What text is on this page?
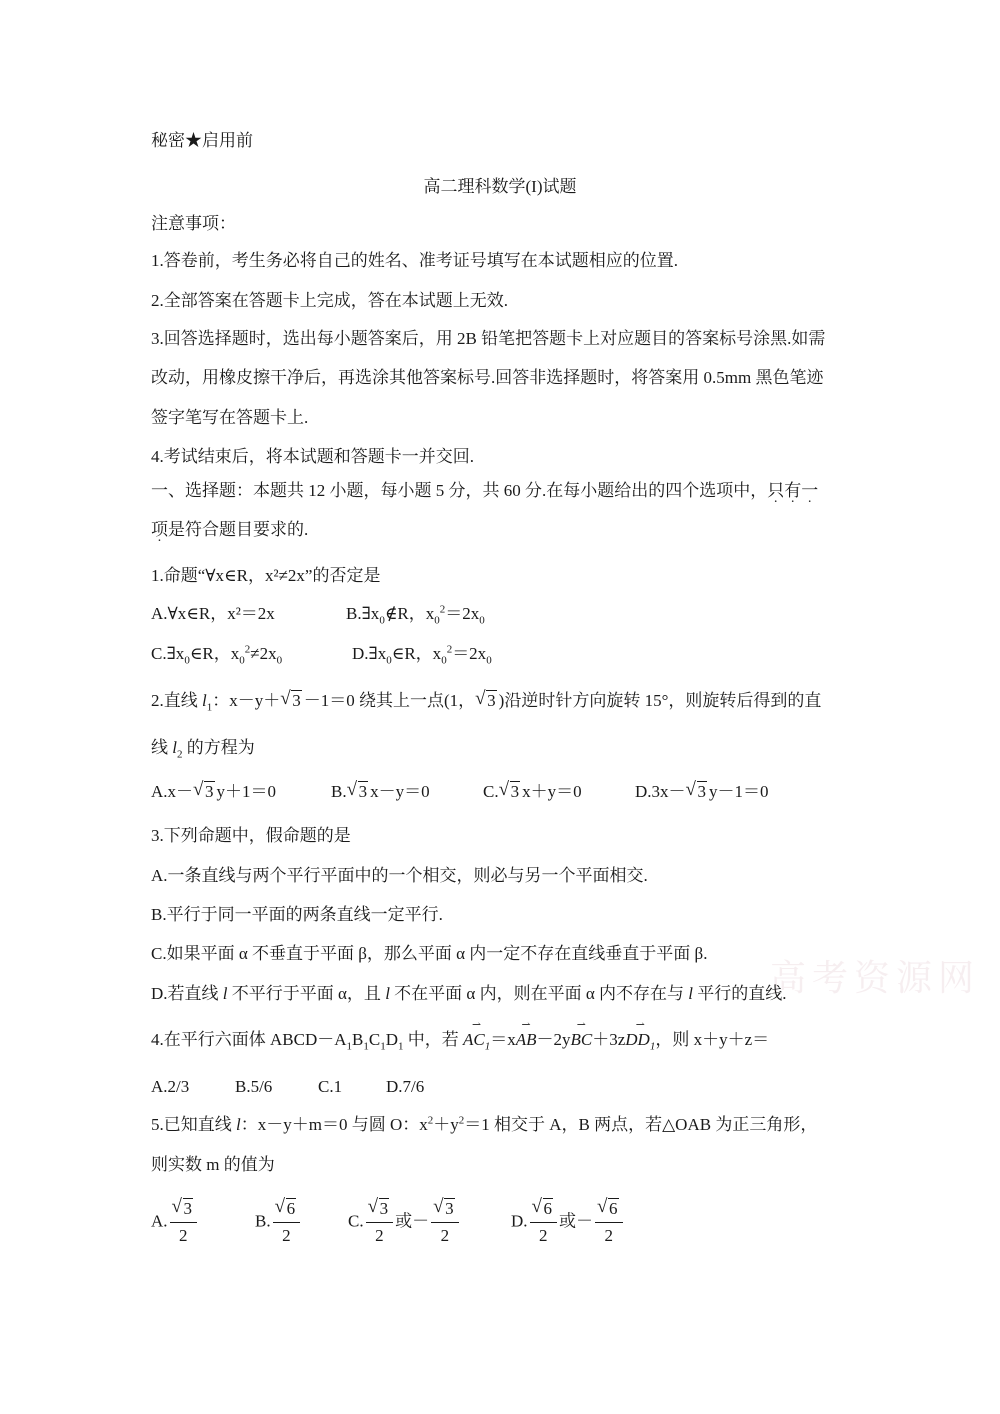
高考资源网
秘密★启用前
高二理科数学(I)试题
注意事项：
1.答卷前，考生务必将自己的姓名、准考证号填写在本试题相应的位置.
2.全部答案在答题卡上完成，答在本试题上无效.
3.回答选择题时，选出每小题答案后，用 2B 铅笔把答题卡上对应题目的答案标号涂黑.如需
改动，用橡皮擦干净后，再选涂其他答案标号.回答非选择题时，将答案用 0.5mm 黑色笔迹
签字笔写在答题卡上.
4.考试结束后，将本试题和答题卡一并交回.
一、选择题：本题共 12 小题，每小题 5 分，共 60 分.在每小题给出的四个选项中，只有一
项是符合题目要求的.
1.命题“∀x∈R，x²≠2x”的否定是
A.∀x∈R，x²＝2x	$B.\exists x_0\notin R$，$x_0^2=2x_0$
$C.\exists x_0\in R$，$x_0^2\ne 2x_0$	$D.\exists x_0\in R$，$x_0^2=2x_0$
2.直线 $l_1$：x－y＋ √ 3 －1＝0 绕其上一点(1， √ 3 )沿逆时针方向旋转 15°，则旋转后得到的直
线 $l_2$ 的方程为
A.x－ √ 3 y＋1＝0	B. √ 3 x－y＝0	C. √ 3 x＋y＝0	D.3x－ √ 3 y－1＝0
3.下列命题中，假命题的是
A.一条直线与两个平行平面中的一个相交，则必与另一个平面相交.
B.平行于同一平面的两条直线一定平行.
C.如果平面 α 不垂直于平面 β，那么平面 α 内一定不存在直线垂直于平面 β.
D.若直线 l 不平行于平面 α，且 l 不在平面 α 内，则在平面 α 内不存在与 l 平行的直线.
4.在平行六面体 $ABCD-A_1B_1C_1D_1$ 中，若 ⇀ $AC_1=x⇀$ AB－2y⇀ BC＋3z⇀ $DD_1$，则 x＋y＋z＝
A.2/3	B.5/6	C.1	D.7/6
5.已知直线 l：x－y＋m＝0 与圆 O：$x^2+y^2=1$ 相交于 A，B 两点，若△OAB 为正三角形，
则实数 m 的值为
A. √ $\frac{3}{2}$	B. √ $\frac{6}{2}$	C. √ $\frac{3}{2}$ 或－ √ $\frac{3}{2}$	D. √ $\frac{6}{2}$ 或－ √ $\frac{6}{2}$
